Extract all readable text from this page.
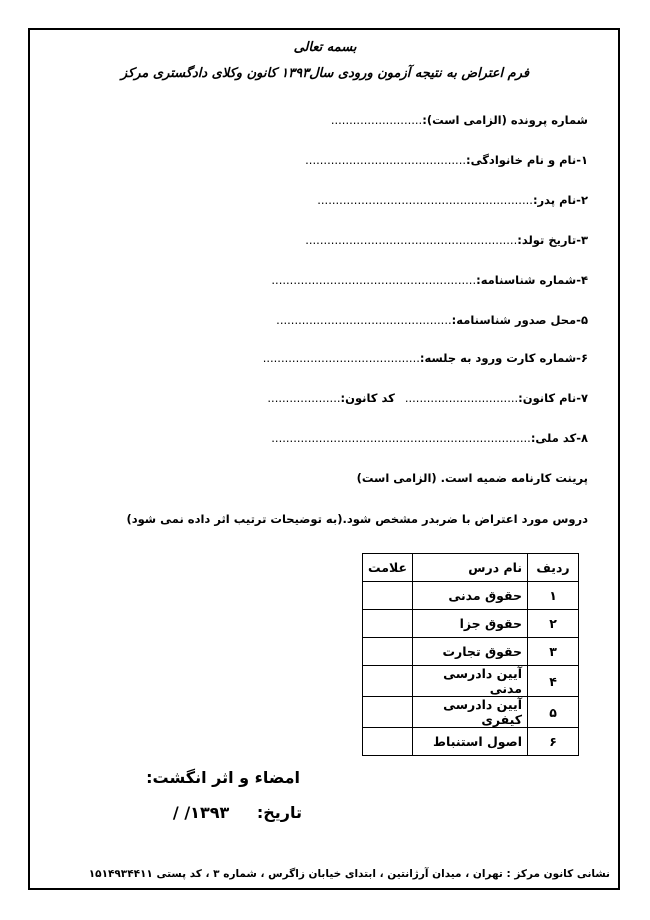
بسمه تعالی
فرم اعتراض به نتیجه آزمون ورودی سال۱۳۹۳ کانون وکلای دادگستری مرکز
شماره پرونده (الزامی است):.........................
۱-نام و نام خانوادگی:............................................
۲-نام پدر:...........................................................
۳-تاریخ تولد:..........................................................
۴-شماره شناسنامه:........................................................
۵-محل صدور شناسنامه:................................................
۶-شماره کارت ورود به جلسه:...........................................
۷-نام کانون:............................... کد کانون:....................
۸-کد ملی:.......................................................................
پرینت کارنامه ضمیه است. (الزامی است)
دروس مورد اعتراض با ضربدر مشخص شود.(به توضیحات ترتیب اثر داده نمی شود)
ردیف	نام درس	علامت
۱	حقوق مدنی	
۲	حقوق جزا	
۳	حقوق تجارت	
۴	آیین دادرسی مدنی	
۵	آیین دادرسی کیفری	
۶	اصول استنباط	
امضاء و اثر انگشت:
تاریخ: / /۱۳۹۳
نشانی کانون مرکز : تهران ، میدان آرژانتین ، ابتدای خیابان زاگرس ، شماره ۳ ، کد پستی ۱۵۱۴۹۳۴۴۱۱
